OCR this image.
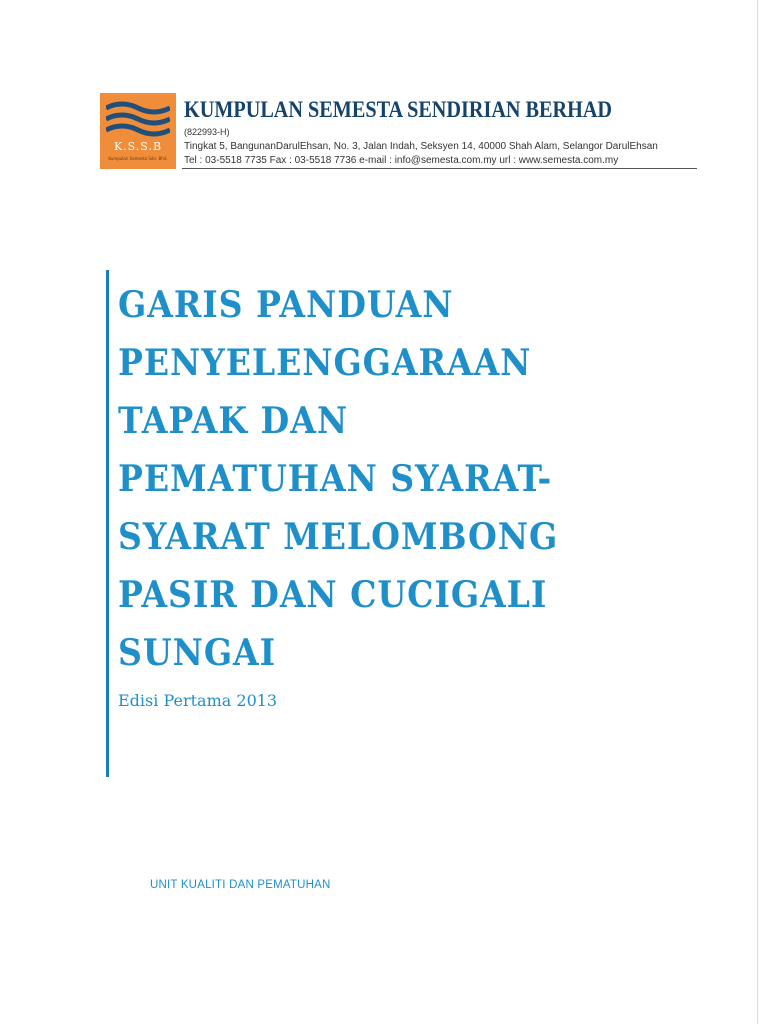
K.S.S.B
Kumpulan Semesta Sdn. Bhd.
KUMPULAN SEMESTA SENDIRIAN BERHAD
(822993-H)
Tingkat 5, BangunanDarulEhsan, No. 3, Jalan Indah, Seksyen 14, 40000 Shah Alam, Selangor DarulEhsan
Tel : 03-5518 7735 Fax : 03-5518 7736 e-mail : info@semesta.com.my url : www.semesta.com.my
GARIS PANDUAN
PENYELENGGARAAN
TAPAK DAN
PEMATUHAN SYARAT-
SYARAT MELOMBONG
PASIR DAN CUCIGALI
SUNGAI
Edisi Pertama 2013
UNIT KUALITI DAN PEMATUHAN
